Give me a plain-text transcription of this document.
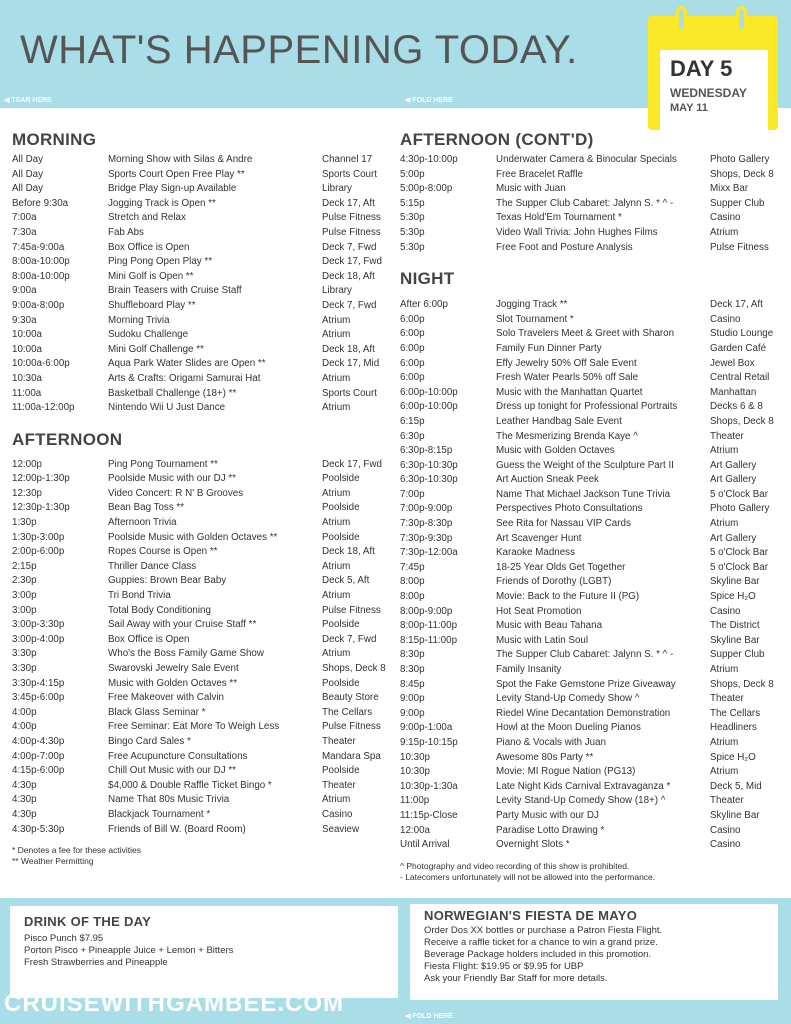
WHAT'S HAPPENING TODAY.
◀ TEAR HERE	◀ FOLD HERE
MORNING
All Day	Morning Show with Silas & Andre	Channel 17
All Day	Sports Court Open Free Play **	Sports Court
All Day	Bridge Play Sign-up Available	Library
Before 9:30a	Jogging Track is Open **	Deck 17, Aft
7:00a	Stretch and Relax	Pulse Fitness
7:30a	Fab Abs	Pulse Fitness
7:45a-9:00a	Box Office is Open	Deck 7, Fwd
8:00a-10:00p	Ping Pong Open Play **	Deck 17, Fwd
8:00a-10:00p	Mini Golf is Open **	Deck 18, Aft
9:00a	Brain Teasers with Cruise Staff	Library
9:00a-8:00p	Shuffleboard Play **	Deck 7, Fwd
9:30a	Morning Trivia	Atrium
10:00a	Sudoku Challenge	Atrium
10:00a	Mini Golf Challenge **	Deck 18, Aft
10:00a-6:00p	Aqua Park Water Slides are Open **	Deck 17, Mid
10:30a	Arts & Crafts: Origami Samurai Hat	Atrium
11:00a	Basketball Challenge (18+) **	Sports Court
11:00a-12:00p	Nintendo Wii U Just Dance	Atrium
AFTERNOON
12:00p	Ping Pong Tournament **	Deck 17, Fwd
12:00p-1:30p	Poolside Music with our DJ **	Poolside
12:30p	Video Concert: R N' B Grooves	Atrium
12:30p-1:30p	Bean Bag Toss **	Poolside
1:30p	Afternoon Trivia	Atrium
1:30p-3:00p	Poolside Music with Golden Octaves **	Poolside
2:00p-6:00p	Ropes Course is Open **	Deck 18, Aft
2:15p	Thriller Dance Class	Atrium
2:30p	Guppies: Brown Bear Baby	Deck 5, Aft
3:00p	Tri Bond Trivia	Atrium
3:00p	Total Body Conditioning	Pulse Fitness
3:00p-3:30p	Sail Away with your Cruise Staff **	Poolside
3:00p-4:00p	Box Office is Open	Deck 7, Fwd
3:30p	Who's the Boss Family Game Show	Atrium
3:30p	Swarovski Jewelry Sale Event	Shops, Deck 8
3:30p-4:15p	Music with Golden Octaves **	Poolside
3:45p-6:00p	Free Makeover with Calvin	Beauty Store
4:00p	Black Glass Seminar *	The Cellars
4:00p	Free Seminar: Eat More To Weigh Less	Pulse Fitness
4:00p-4:30p	Bingo Card Sales *	Theater
4:00p-7:00p	Free Acupuncture Consultations	Mandara Spa
4:15p-6:00p	Chill Out Music with our DJ **	Poolside
4:30p	$4,000 & Double Raffle Ticket Bingo *	Theater
4:30p	Name That 80s Music Trivia	Atrium
4:30p	Blackjack Tournament *	Casino
4:30p-5:30p	Friends of Bill W. (Board Room)	Seaview
* Denotes a fee for these activities
** Weather Permitting
AFTERNOON (CONT'D)
4:30p-10:00p	Underwater Camera & Binocular Specials	Photo Gallery
5:00p	Free Bracelet Raffle	Shops, Deck 8
5:00p-8:00p	Music with Juan	Mixx Bar
5:15p	The Supper Club Cabaret: Jalynn S. * ^ -	Supper Club
5:30p	Texas Hold'Em Tournament *	Casino
5:30p	Video Wall Trivia: John Hughes Films	Atrium
5:30p	Free Foot and Posture Analysis	Pulse Fitness
NIGHT
After 6:00p	Jogging Track **	Deck 17, Aft
6:00p	Slot Tournament *	Casino
6:00p	Solo Travelers Meet & Greet with Sharon	Studio Lounge
6:00p	Family Fun Dinner Party	Garden Café
6:00p	Effy Jewelry 50% Off Sale Event	Jewel Box
6:00p	Fresh Water Pearls 50% off Sale	Central Retail
6:00p-10:00p	Music with the Manhattan Quartet	Manhattan
6:00p-10:00p	Dress up tonight for Professional Portraits	Decks 6 & 8
6:15p	Leather Handbag Sale Event	Shops, Deck 8
6:30p	The Mesmerizing Brenda Kaye ^	Theater
6:30p-8:15p	Music with Golden Octaves	Atrium
6:30p-10:30p	Guess the Weight of the Sculpture Part II	Art Gallery
6:30p-10:30p	Art Auction Sneak Peek	Art Gallery
7:00p	Name That Michael Jackson Tune Trivia	5 o'Clock Bar
7:00p-9:00p	Perspectives Photo Consultations	Photo Gallery
7:30p-8:30p	See Rita for Nassau VIP Cards	Atrium
7:30p-9:30p	Art Scavenger Hunt	Art Gallery
7:30p-12:00a	Karaoke Madness	5 o'Clock Bar
7:45p	18-25 Year Olds Get Together	5 o'Clock Bar
8:00p	Friends of Dorothy (LGBT)	Skyline Bar
8:00p	Movie: Back to the Future II (PG)	Spice H₂O
8:00p-9:00p	Hot Seat Promotion	Casino
8:00p-11:00p	Music with Beau Tahana	The District
8:15p-11:00p	Music with Latin Soul	Skyline Bar
8:30p	The Supper Club Cabaret: Jalynn S. * ^ -	Supper Club
8:30p	Family Insanity	Atrium
8:45p	Spot the Fake Gemstone Prize Giveaway	Shops, Deck 8
9:00p	Levity Stand-Up Comedy Show ^	Theater
9:00p	Riedel Wine Decantation Demonstration	The Cellars
9:00p-1:00a	Howl at the Moon Dueling Pianos	Headliners
9:15p-10:15p	Piano & Vocals with Juan	Atrium
10:30p	Awesome 80s Party **	Spice H₂O
10:30p	Movie: MI Rogue Nation (PG13)	Atrium
10:30p-1:30a	Late Night Kids Carnival Extravaganza *	Deck 5, Mid
11:00p	Levity Stand-Up Comedy Show (18+) ^	Theater
11:15p-Close	Party Music with our DJ	Skyline Bar
12:00a	Paradise Lotto Drawing *	Casino
Until Arrival	Overnight Slots *	Casino
^ Photography and video recording of this show is prohibited.
- Latecomers unfortunately will not be allowed into the performance.
DAY 5
WEDNESDAY
MAY 11
DRINK OF THE DAY
Pisco Punch $7.95
Porton Pisco + Pineapple Juice + Lemon + Bitters
Fresh Strawberries and Pineapple
NORWEGIAN'S FIESTA DE MAYO
Order Dos XX bottles or purchase a Patron Fiesta Flight.
Receive a raffle ticket for a chance to win a grand prize.
Beverage Package holders included in this promotion.
Fiesta Flight: $19.95 or $9.95 for UBP
Ask your Friendly Bar Staff for more details.
CRUISEWITHGAMBEE.COM	◀ FOLD HERE
